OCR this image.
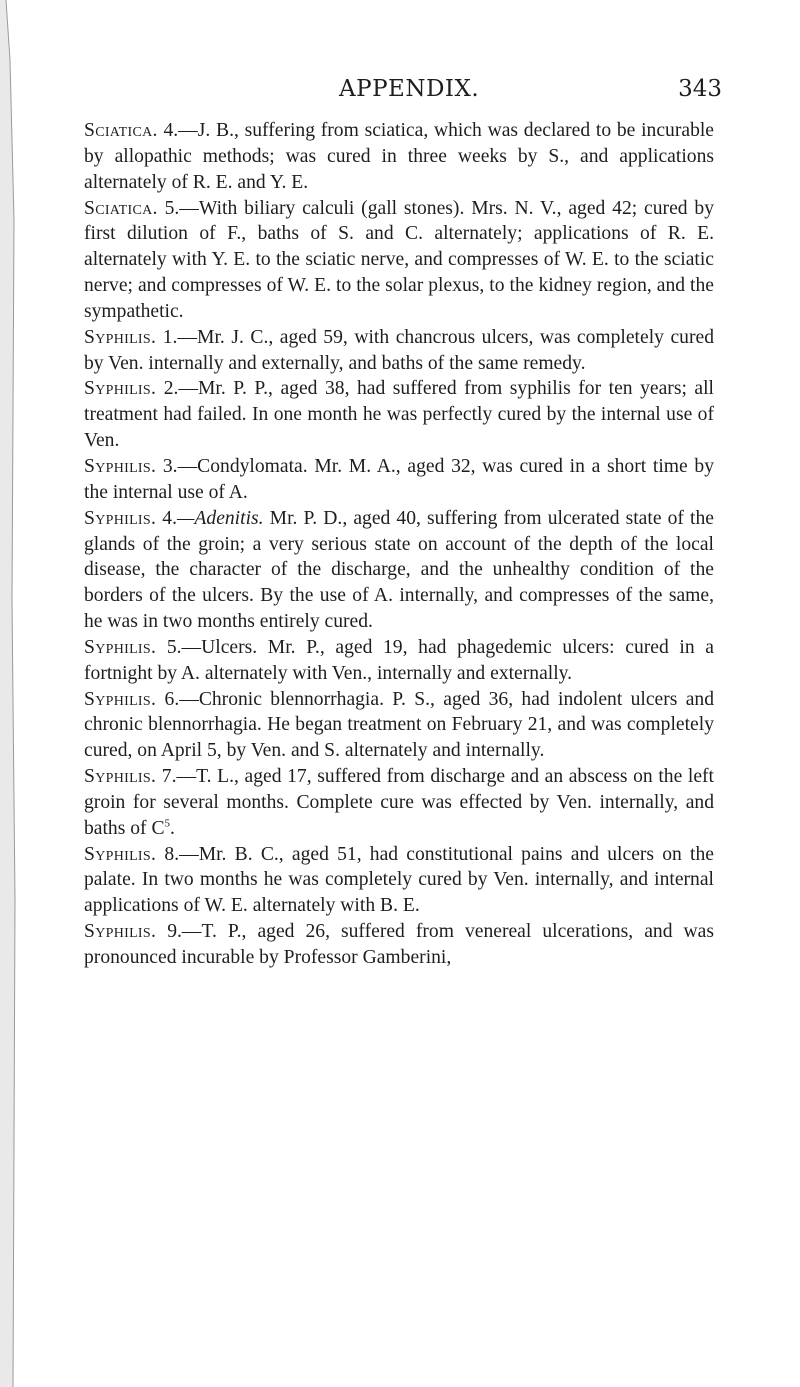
APPENDIX.	343

Sciatica. 4.—J. B., suffering from sciatica, which was declared to be incurable by allopathic methods; was cured in three weeks by S., and applications alternately of R. E. and Y. E.

Sciatica. 5.—With biliary calculi (gall stones). Mrs. N. V., aged 42; cured by first dilution of F., baths of S. and C. alternately; applications of R. E. alternately with Y. E. to the sciatic nerve, and compresses of W. E. to the sciatic nerve; and compresses of W. E. to the solar plexus, to the kidney region, and the sympathetic.

Syphilis. 1.—Mr. J. C., aged 59, with chancrous ulcers, was completely cured by Ven. internally and externally, and baths of the same remedy.

Syphilis. 2.—Mr. P. P., aged 38, had suffered from syphilis for ten years; all treatment had failed. In one month he was perfectly cured by the internal use of Ven.

Syphilis. 3.—Condylomata. Mr. M. A., aged 32, was cured in a short time by the internal use of A.

Syphilis. 4.—Adenitis. Mr. P. D., aged 40, suffering from ulcerated state of the glands of the groin; a very serious state on account of the depth of the local disease, the character of the discharge, and the unhealthy condition of the borders of the ulcers. By the use of A. internally, and compresses of the same, he was in two months entirely cured.

Syphilis. 5.—Ulcers. Mr. P., aged 19, had phagedemic ulcers: cured in a fortnight by A. alternately with Ven., internally and externally.

Syphilis. 6.—Chronic blennorrhagia. P. S., aged 36, had indolent ulcers and chronic blennorrhagia. He began treatment on February 21, and was completely cured, on April 5, by Ven. and S. alternately and internally.

Syphilis. 7.—T. L., aged 17, suffered from discharge and an abscess on the left groin for several months. Complete cure was effected by Ven. internally, and baths of $C^5$.

Syphilis. 8.—Mr. B. C., aged 51, had constitutional pains and ulcers on the palate. In two months he was completely cured by Ven. internally, and internal applications of W. E. alternately with B. E.

Syphilis. 9.—T. P., aged 26, suffered from venereal ulcerations, and was pronounced incurable by Professor Gamberini,
